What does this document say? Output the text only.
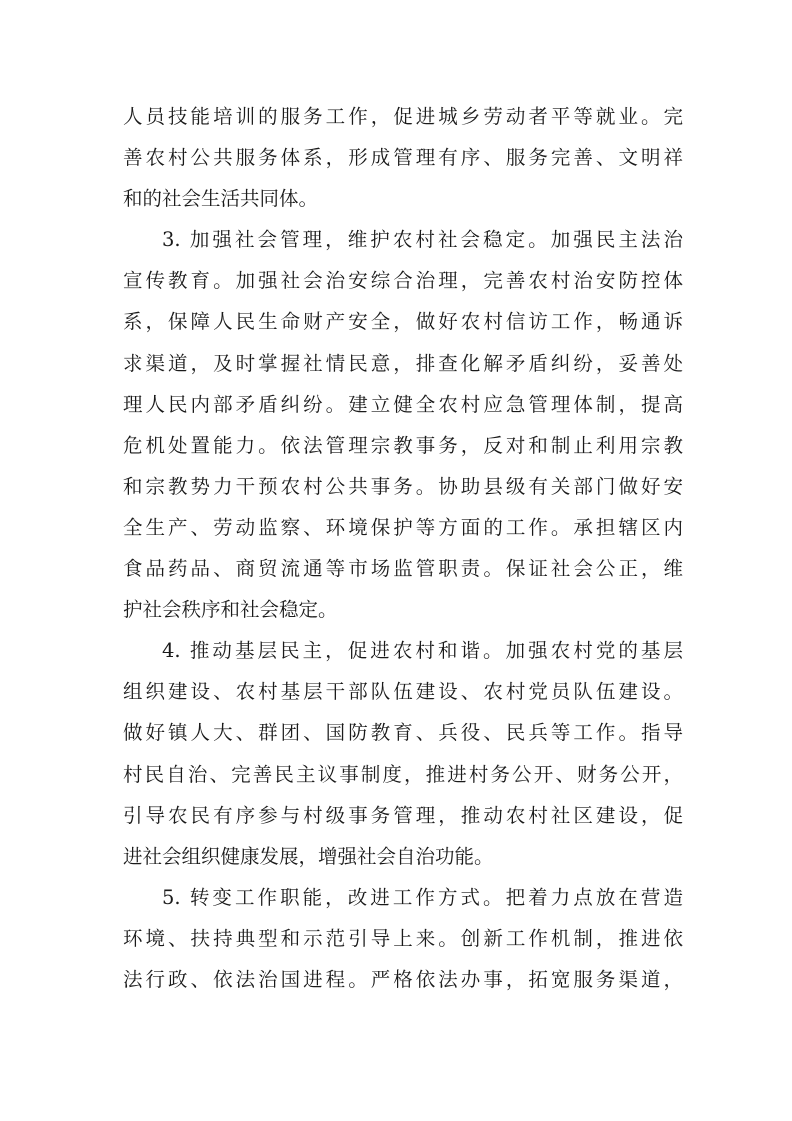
人员技能培训的服务工作，促进城乡劳动者平等就业。完
善农村公共服务体系，形成管理有序、服务完善、文明祥
和的社会生活共同体。
3. 加强社会管理，维护农村社会稳定。加强民主法治
宣传教育。加强社会治安综合治理，完善农村治安防控体
系，保障人民生命财产安全，做好农村信访工作，畅通诉
求渠道，及时掌握社情民意，排查化解矛盾纠纷，妥善处
理人民内部矛盾纠纷。建立健全农村应急管理体制，提高
危机处置能力。依法管理宗教事务，反对和制止利用宗教
和宗教势力干预农村公共事务。协助县级有关部门做好安
全生产、劳动监察、环境保护等方面的工作。承担辖区内
食品药品、商贸流通等市场监管职责。保证社会公正，维
护社会秩序和社会稳定。
4. 推动基层民主，促进农村和谐。加强农村党的基层
组织建设、农村基层干部队伍建设、农村党员队伍建设。
做好镇人大、群团、国防教育、兵役、民兵等工作。指导
村民自治、完善民主议事制度，推进村务公开、财务公开，
引导农民有序参与村级事务管理，推动农村社区建设，促
进社会组织健康发展，增强社会自治功能。
5. 转变工作职能，改进工作方式。把着力点放在营造
环境、扶持典型和示范引导上来。创新工作机制，推进依
法行政、依法治国进程。严格依法办事，拓宽服务渠道，
